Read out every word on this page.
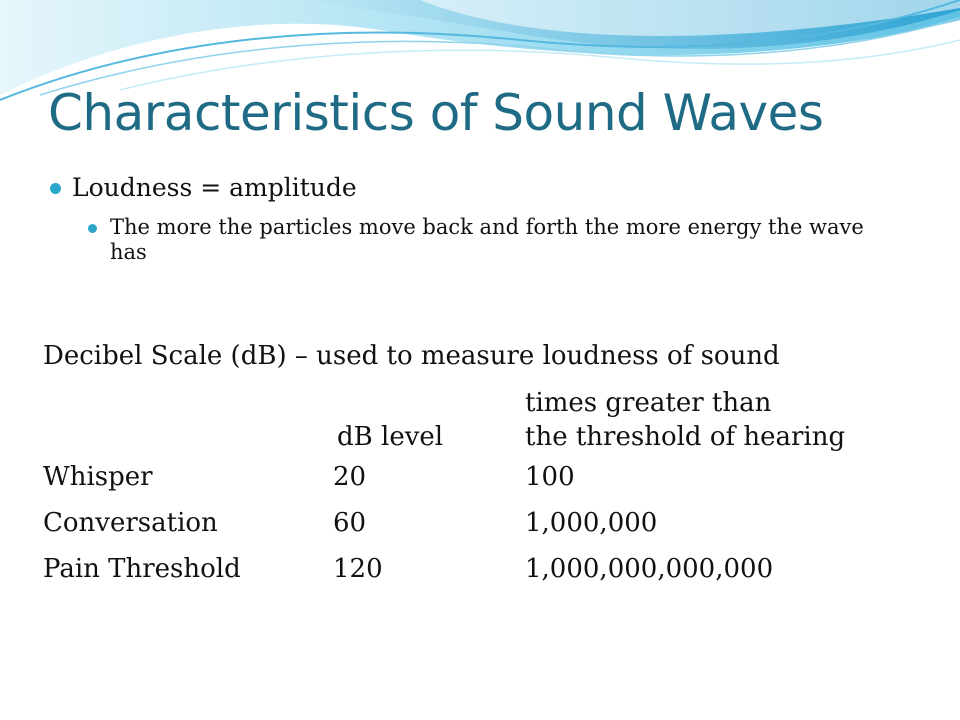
Characteristics of Sound Waves
Loudness = amplitude
The more the particles move back and forth the more energy the wave has

Decibel Scale (dB) – used to measure loudness of sound

	dB level	times greater than
the threshold of hearing

Whisper	20	100
Conversation	60	1,000,000
Pain Threshold	120	1,000,000,000,000
